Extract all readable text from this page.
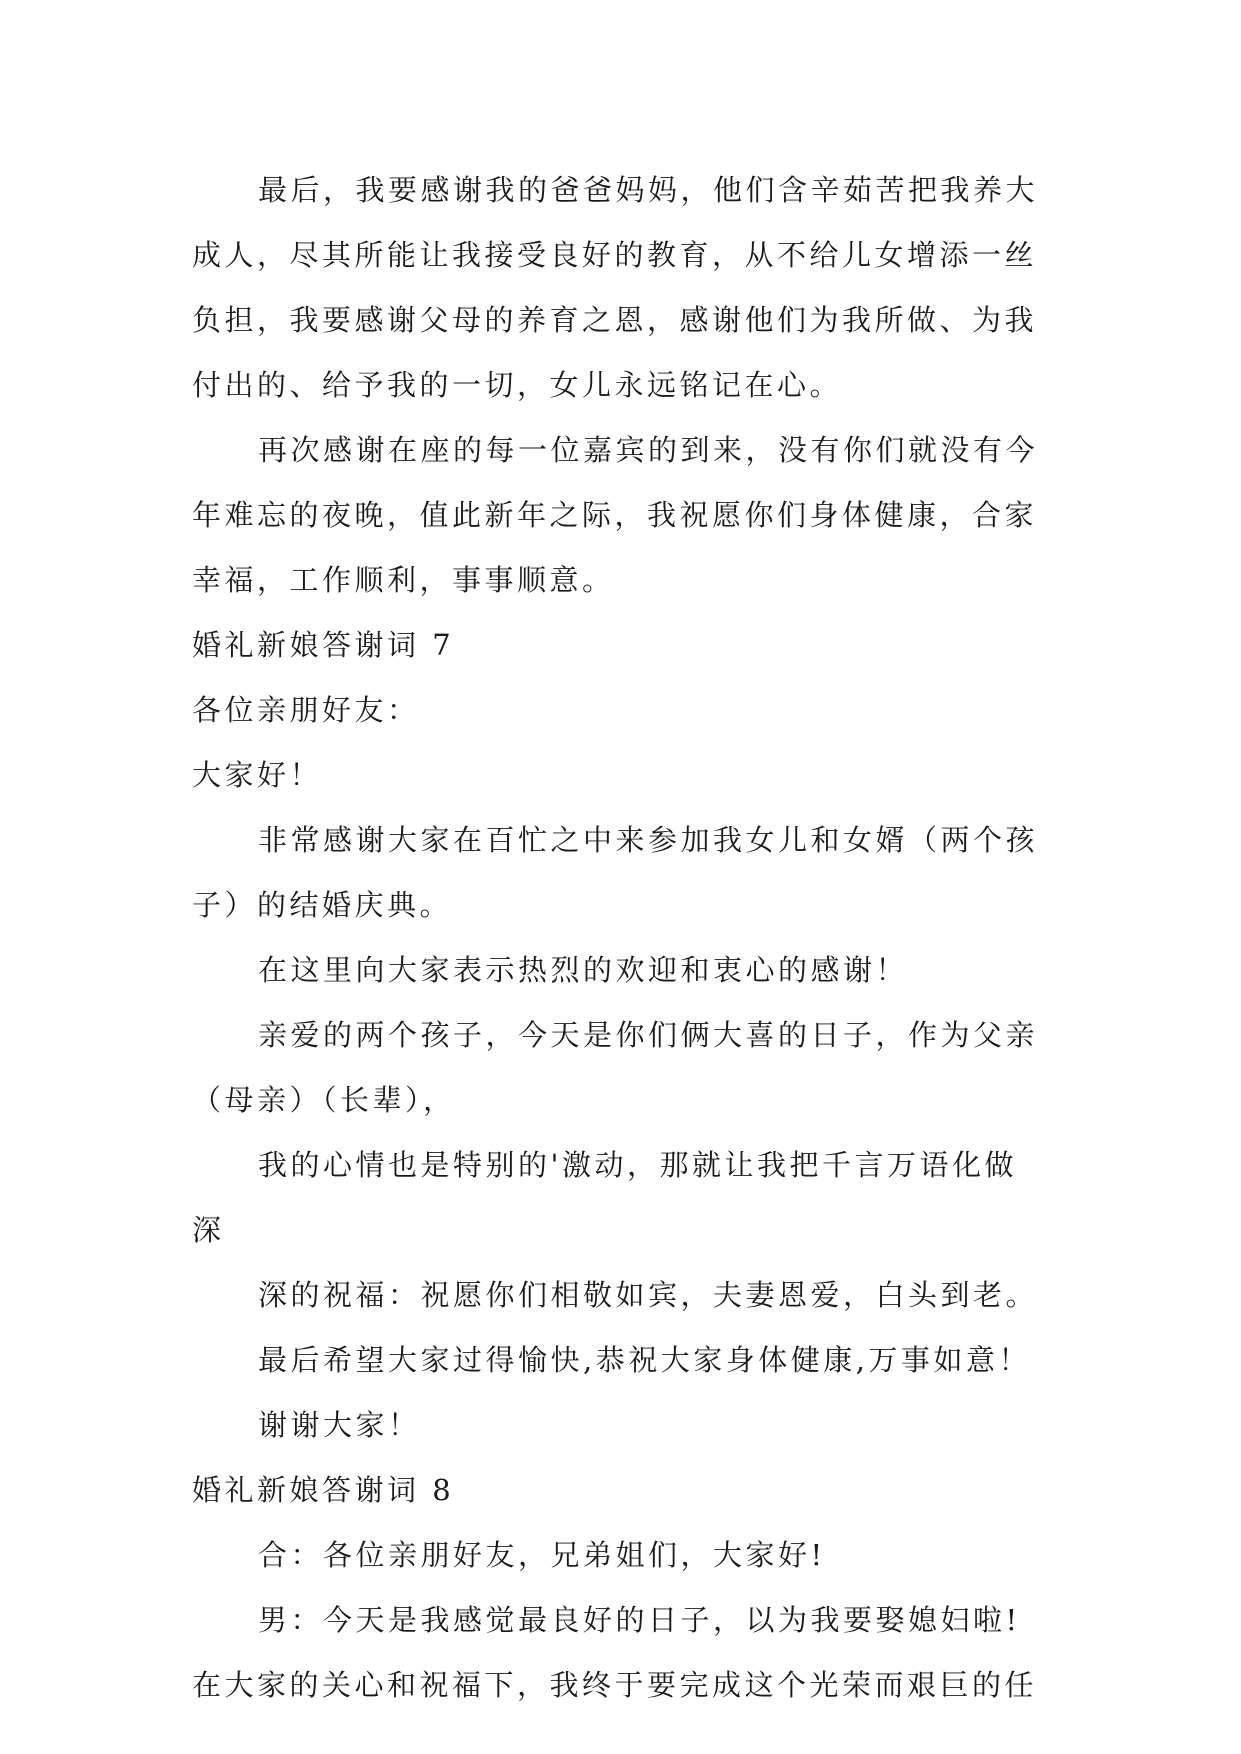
最后，我要感谢我的爸爸妈妈，他们含辛茹苦把我养大

成人，尽其所能让我接受良好的教育，从不给儿女增添一丝

负担，我要感谢父母的养育之恩，感谢他们为我所做、为我

付出的、给予我的一切，女儿永远铭记在心。

再次感谢在座的每一位嘉宾的到来，没有你们就没有今

年难忘的夜晚，值此新年之际，我祝愿你们身体健康，合家

幸福，工作顺利，事事顺意。

婚礼新娘答谢词 7

各位亲朋好友：

大家好！

非常感谢大家在百忙之中来参加我女儿和女婿（两个孩

子）的结婚庆典。

在这里向大家表示热烈的欢迎和衷心的感谢！

亲爱的两个孩子，今天是你们俩大喜的日子，作为父亲

（母亲）（长辈），

我的心情也是特别的'激动，那就让我把千言万语化做

深

深的祝福：祝愿你们相敬如宾，夫妻恩爱，白头到老。

最后希望大家过得愉快,恭祝大家身体健康,万事如意！

谢谢大家！

婚礼新娘答谢词 8

合：各位亲朋好友，兄弟姐们，大家好!

男：今天是我感觉最良好的日子，以为我要娶媳妇啦!

在大家的关心和祝福下，我终于要完成这个光荣而艰巨的任
